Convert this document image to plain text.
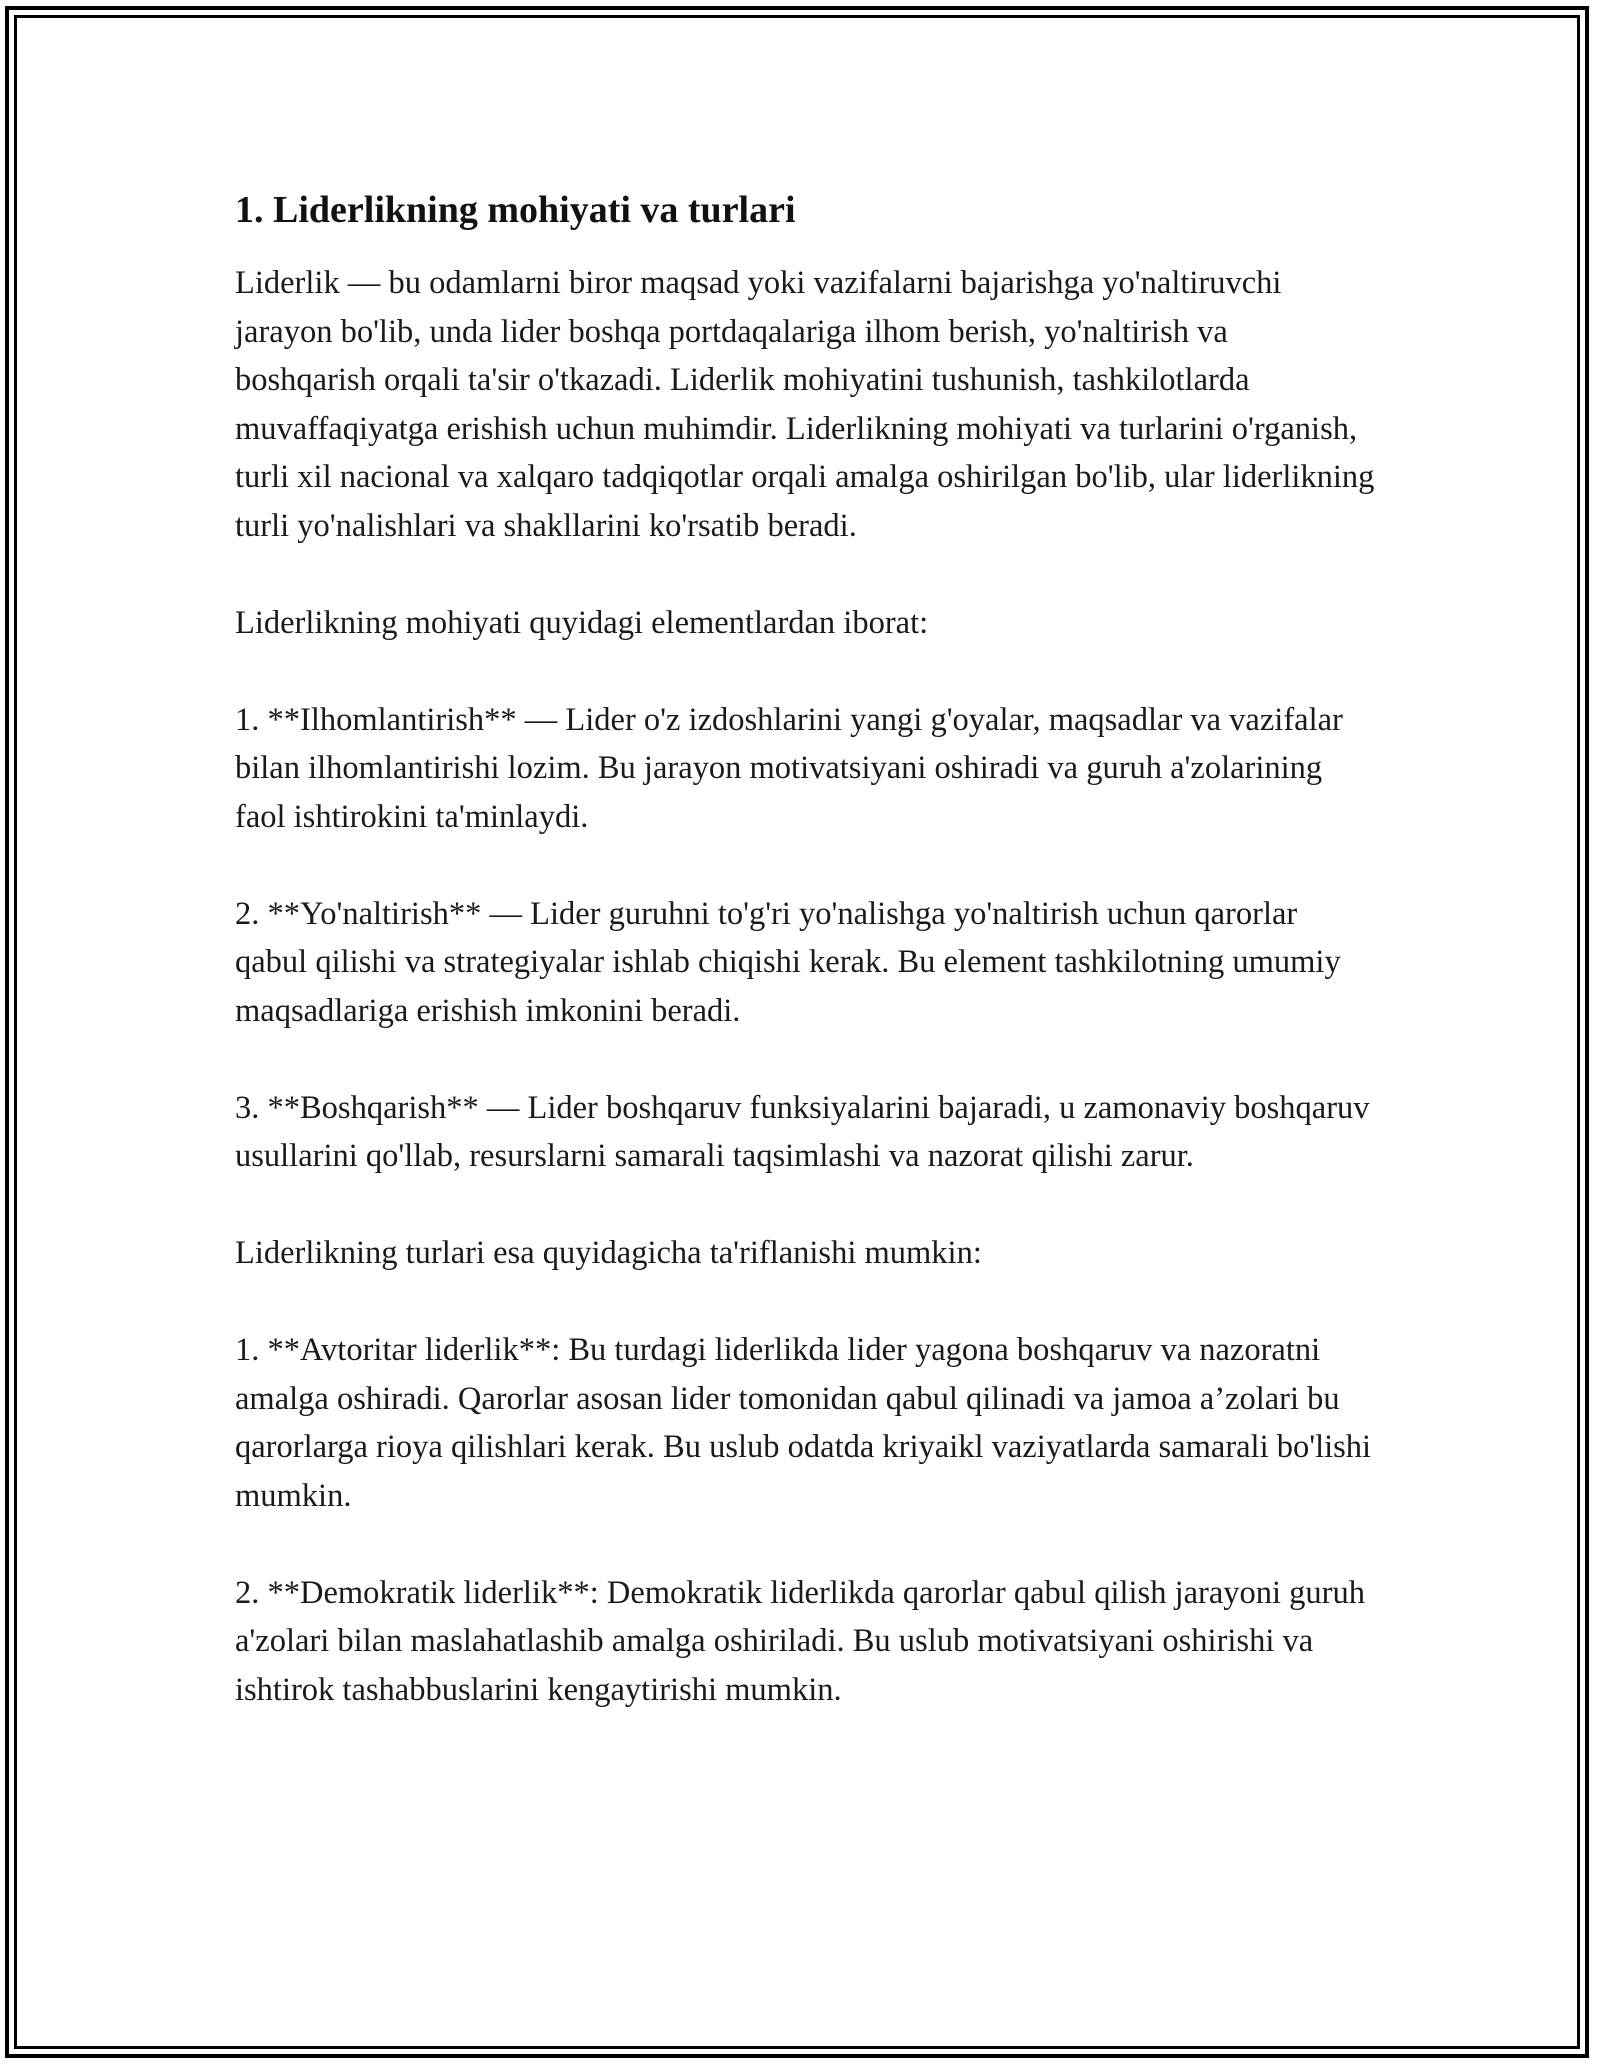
1. Liderlikning mohiyati va turlari

Liderlik — bu odamlarni biror maqsad yoki vazifalarni bajarishga yo'naltiruvchi jarayon bo'lib, unda lider boshqa portdaqalariga ilhom berish, yo'naltirish va boshqarish orqali ta'sir o'tkazadi. Liderlik mohiyatini tushunish, tashkilotlarda muvaffaqiyatga erishish uchun muhimdir. Liderlikning mohiyati va turlarini o'rganish, turli xil nacional va xalqaro tadqiqotlar orqali amalga oshirilgan bo'lib, ular liderlikning turli yo'nalishlari va shakllarini ko'rsatib beradi.

Liderlikning mohiyati quyidagi elementlardan iborat:

1. **Ilhomlantirish** — Lider o'z izdoshlarini yangi g'oyalar, maqsadlar va vazifalar bilan ilhomlantirishi lozim. Bu jarayon motivatsiyani oshiradi va guruh a'zolarining faol ishtirokini ta'minlaydi.

2. **Yo'naltirish** — Lider guruhni to'g'ri yo'nalishga yo'naltirish uchun qarorlar qabul qilishi va strategiyalar ishlab chiqishi kerak. Bu element tashkilotning umumiy maqsadlariga erishish imkonini beradi.

3. **Boshqarish** — Lider boshqaruv funksiyalarini bajaradi, u zamonaviy boshqaruv usullarini qo'llab, resurslarni samarali taqsimlashi va nazorat qilishi zarur.

Liderlikning turlari esa quyidagicha ta'riflanishi mumkin:

1. **Avtoritar liderlik**: Bu turdagi liderlikda lider yagona boshqaruv va nazoratni amalga oshiradi. Qarorlar asosan lider tomonidan qabul qilinadi va jamoa a’zolari bu qarorlarga rioya qilishlari kerak. Bu uslub odatda kriyaikl vaziyatlarda samarali bo'lishi mumkin.

2. **Demokratik liderlik**: Demokratik liderlikda qarorlar qabul qilish jarayoni guruh a'zolari bilan maslahatlashib amalga oshiriladi. Bu uslub motivatsiyani oshirishi va ishtirok tashabbuslarini kengaytirishi mumkin.
